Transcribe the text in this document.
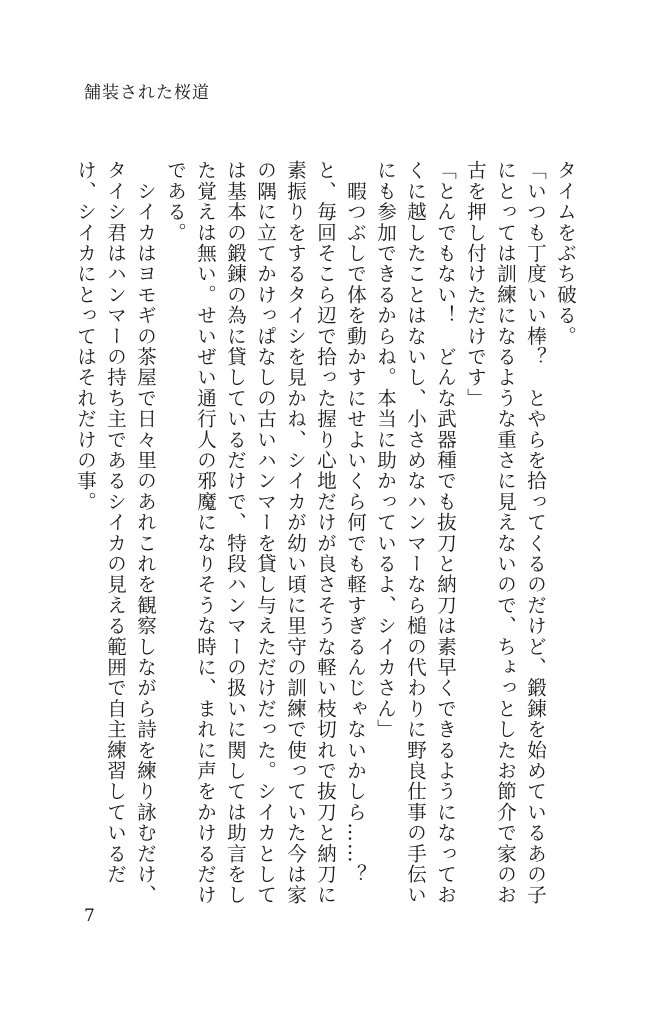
舗装された桜道

タイムをぶち破る。

「いつも丁度いい棒？　とやらを拾ってくるのだけど、鍛錬を始めているあの子にとっては訓練になるような重さに見えないので、ちょっとしたお節介で家のお古を押し付けただけです」

「とんでもない！　どんな武器種でも抜刀と納刀は素早くできるようになっておくに越したことはないし、小さめなハンマーなら槌の代わりに野良仕事の手伝いにも参加できるからね。本当に助かっているよ、シイカさん」

　暇つぶしで体を動かすにせよいくら何でも軽すぎるんじゃないかしら……？　と、毎回そこら辺で拾った握り心地だけが良さそうな軽い枝切れで抜刀と納刀に素振りをするタイシを見かね、シイカが幼い頃に里守の訓練で使っていた今は家の隅に立てかけっぱなしの古いハンマーを貸し与えただけだった。シイカとしては基本の鍛錬の為に貸しているだけで、特段ハンマーの扱いに関しては助言をした覚えは無い。せいぜい通行人の邪魔になりそうな時に、まれに声をかけるだけである。

　シイカはヨモギの茶屋で日々里のあれこれを観察しながら詩を練り詠むだけ、タイシ君はハンマーの持ち主であるシイカの見える範囲で自主練習しているだけ、シイカにとってはそれだけの事。

7
